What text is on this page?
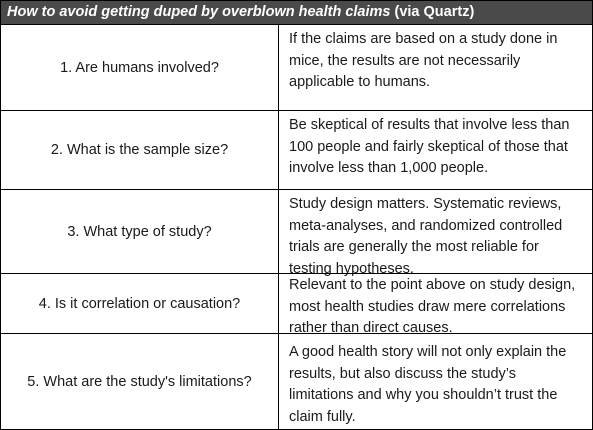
How to avoid getting duped by overblown health claims (via Quartz)
1. Are humans involved?
If the claims are based on a study done in mice, the results are not necessarily applicable to humans.
2. What is the sample size?
Be skeptical of results that involve less than 100 people and fairly skeptical of those that involve less than 1,000 people.
3. What type of study?
Study design matters. Systematic reviews, meta-analyses, and randomized controlled trials are generally the most reliable for testing hypotheses.
4. Is it correlation or causation?
Relevant to the point above on study design, most health studies draw mere correlations rather than direct causes.
5. What are the study's limitations?
A good health story will not only explain the results, but also discuss the study’s limitations and why you shouldn’t trust the claim fully.
